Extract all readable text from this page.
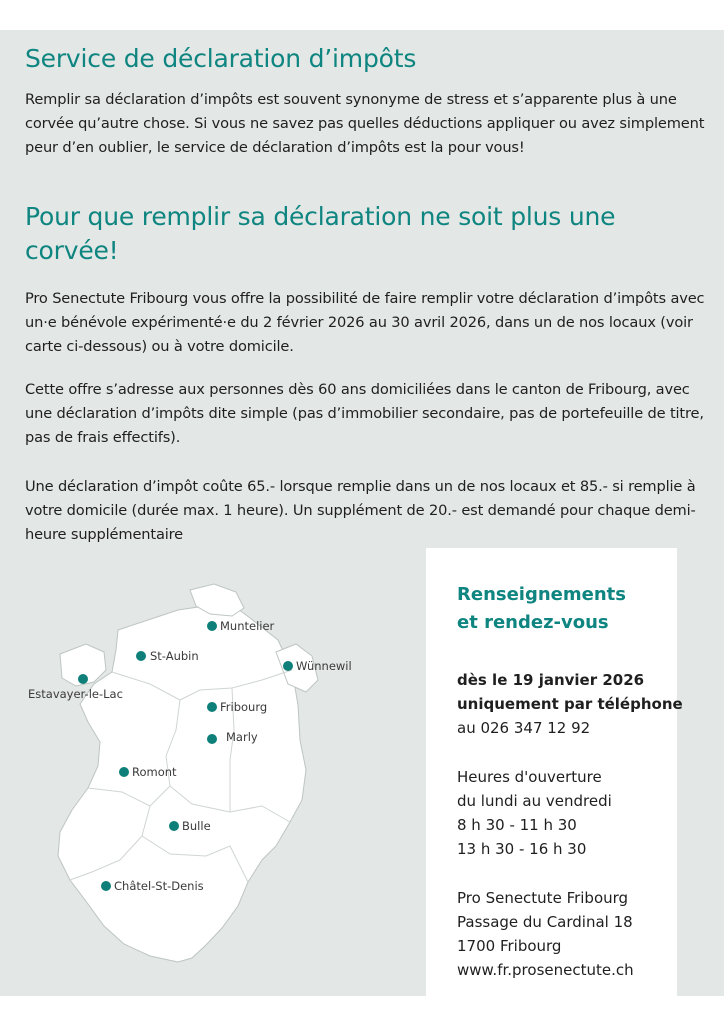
Service de déclaration d’impôts

Remplir sa déclaration d’impôts est souvent synonyme de stress et s’apparente plus à une corvée qu’autre chose. Si vous ne savez pas quelles déductions appliquer ou avez simplement peur d’en oublier, le service de déclaration d’impôts est la pour vous!

Pour que remplir sa déclaration ne soit plus une corvée!

Pro Senectute Fribourg vous offre la possibilité de faire remplir votre déclaration d’impôts avec un·e bénévole expérimenté·e du 2 février 2026 au 30 avril 2026, dans un de nos locaux (voir carte ci-dessous) ou à votre domicile.

Cette offre s’adresse aux personnes dès 60 ans domiciliées dans le canton de Fribourg, avec une déclaration d’impôts dite simple (pas d’immobilier secondaire, pas de portefeuille de titre, pas de frais effectifs).

Une déclaration d’impôt coûte 65.- lorsque remplie dans un de nos locaux et 85.- si remplie à votre domicile (durée max. 1 heure). Un supplément de 20.- est demandé pour chaque demi-heure supplémentaire

Muntelier
St-Aubin
Wünnewil
Estavayer-le-Lac
Fribourg
Marly
Romont
Bulle
Châtel-St-Denis
Renseignements
et rendez-vous
dès le 19 janvier 2026
uniquement par téléphone
au 026 347 12 92
Heures d'ouverture
du lundi au vendredi
8 h 30 - 11 h 30
13 h 30 - 16 h 30
Pro Senectute Fribourg
Passage du Cardinal 18
1700 Fribourg
www.fr.prosenectute.ch
